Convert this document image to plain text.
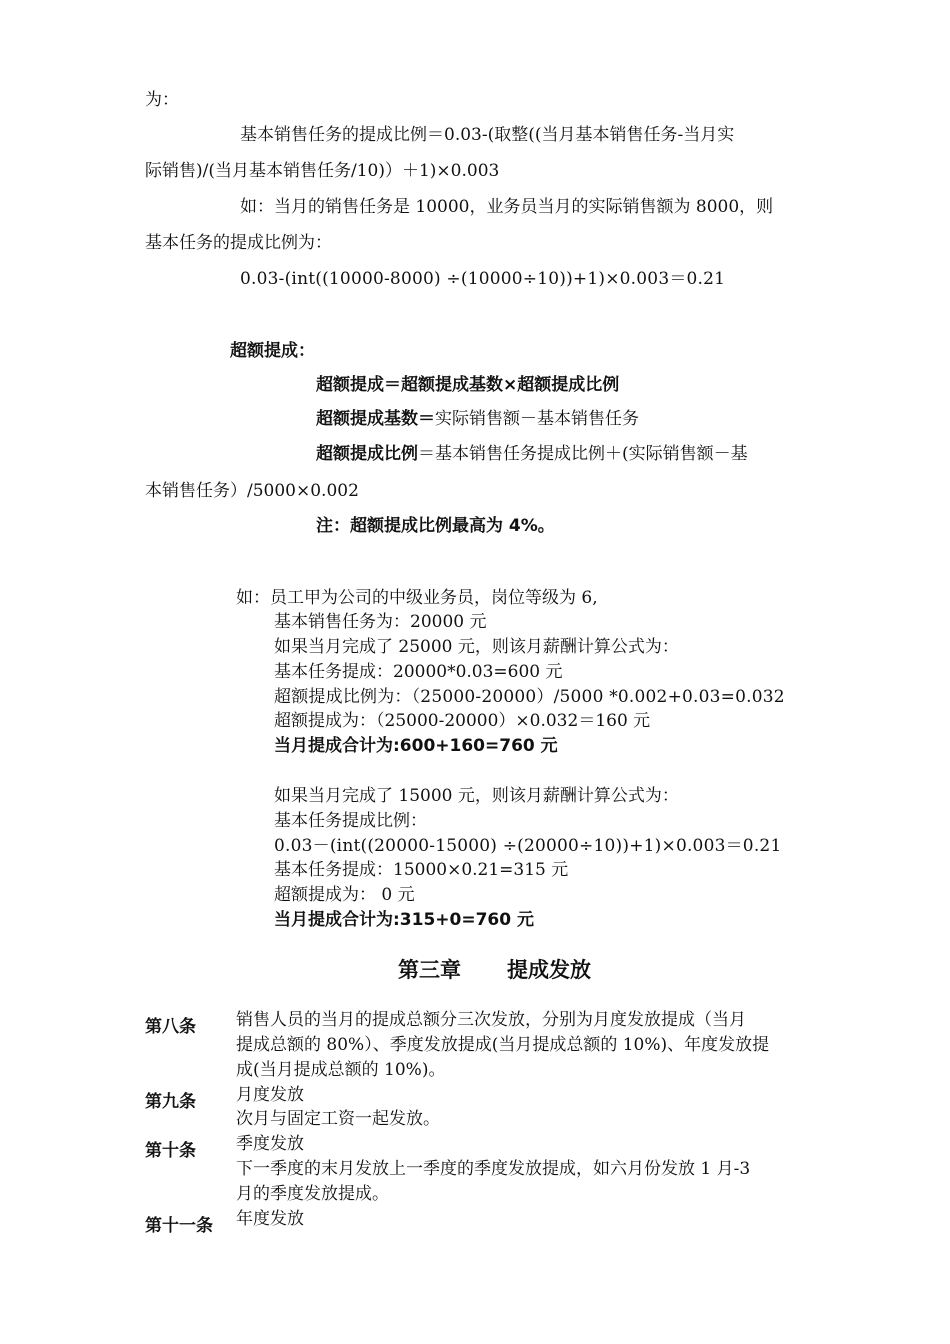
为：
基本销售任务的提成比例＝0.03-(取整((当月基本销售任务-当月实
际销售)/(当月基本销售任务/10)）＋1)×0.003
如：当月的销售任务是 10000，业务员当月的实际销售额为 8000，则
基本任务的提成比例为：
0.03-(int((10000-8000) ÷(10000÷10))+1)×0.003＝0.21
超额提成：
超额提成＝超额提成基数×超额提成比例
超额提成基数＝实际销售额－基本销售任务
超额提成比例＝基本销售任务提成比例＋(实际销售额－基
本销售任务）/5000×0.002
注：超额提成比例最高为 4%。
如：员工甲为公司的中级业务员，岗位等级为 6,
基本销售任务为：20000 元
如果当月完成了 25000 元，则该月薪酬计算公式为：
基本任务提成：20000*0.03=600 元
超额提成比例为：（25000-20000）/5000 *0.002+0.03=0.032
超额提成为：（25000-20000）×0.032＝160 元
当月提成合计为:600+160=760 元
如果当月完成了 15000 元，则该月薪酬计算公式为：
基本任务提成比例：
0.03－(int((20000-15000) ÷(20000÷10))+1)×0.003＝0.21
基本任务提成：15000×0.21=315 元
超额提成为： 0 元
当月提成合计为:315+0=760 元
第三章 提成发放
第八条 销售人员的当月的提成总额分三次发放，分别为月度发放提成（当月
提成总额的 80%）、季度发放提成(当月提成总额的 10%)、年度发放提
成(当月提成总额的 10%)。
第九条 月度发放
次月与固定工资一起发放。
第十条 季度发放
下一季度的末月发放上一季度的季度发放提成，如六月份发放 1 月-3
月的季度发放提成。
第十一条 年度发放
